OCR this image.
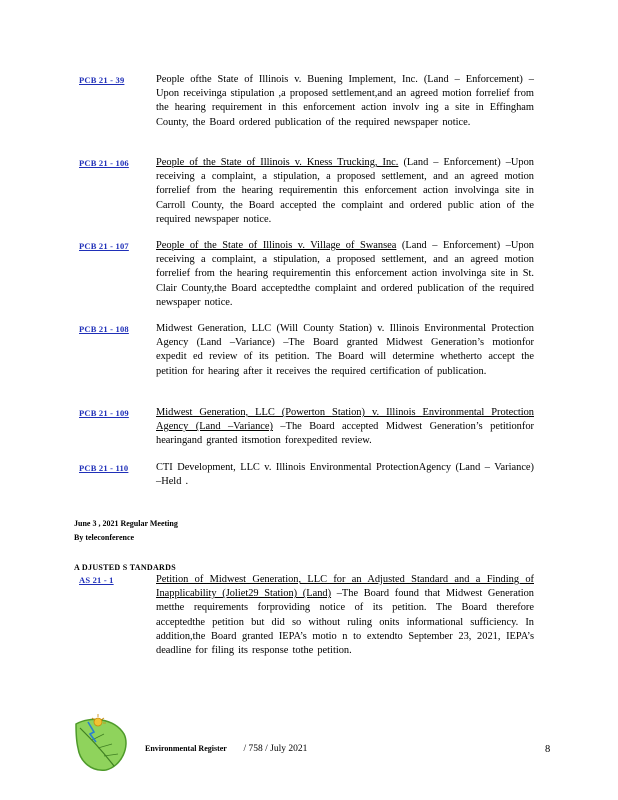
PCB 21 - 39	People ofthe State of Illinois v. Buening Implement, Inc. (Land – Enforcement) –Upon receivinga stipulation ,a proposed settlement,and an agreed motion forrelief from the hearing requirement in this enforcement action involv ing a site in Effingham County, the Board ordered publication of the required newspaper notice.
PCB 21 - 106	People of the State of Illinois v. Kness Trucking, Inc. (Land – Enforcement) –Upon receiving a complaint, a stipulation, a proposed settlement, and an agreed motion forrelief from the hearing requirementin this enforcement action involvinga site in Carroll County, the Board accepted the complaint and ordered public ation of the required newspaper notice.
PCB 21 - 107	People of the State of Illinois v. Village of Swansea (Land – Enforcement) –Upon receiving a complaint, a stipulation, a proposed settlement, and an agreed motion forrelief from the hearing requirementin this enforcement action involvinga site in St. Clair County,the Board acceptedthe complaint and ordered publication of the required newspaper notice.
PCB 21 - 108	Midwest Generation, LLC (Will County Station) v. Illinois Environmental Protection Agency (Land –Variance) –The Board granted Midwest Generation’s motionfor expedit ed review of its petition. The Board will determine whetherto accept the petition for hearing after it receives the required certification of publication.
PCB 21 - 109	Midwest Generation, LLC (Powerton Station) v. Illinois Environmental Protection Agency (Land –Variance) –The Board accepted Midwest Generation’s petitionfor hearingand granted itsmotion forexpedited review.
PCB 21 - 110	CTI Development, LLC v. Illinois Environmental ProtectionAgency (Land – Variance) –Held .
June 3 , 2021 Regular Meeting
By teleconference
A DJUSTED S TANDARDS
AS 21 - 1	Petition of Midwest Generation, LLC for an Adjusted Standard and a Finding of Inapplicability (Joliet29 Station) (Land) –The Board found that Midwest Generation metthe requirements forproviding notice of its petition. The Board therefore acceptedthe petition but did so without ruling onits informational sufficiency. In addition,the Board granted IEPA’s motio n to extendto September 23, 2021, IEPA’s deadline for filing its response tothe petition.
Environmental Register / 758 / July 2021	8
